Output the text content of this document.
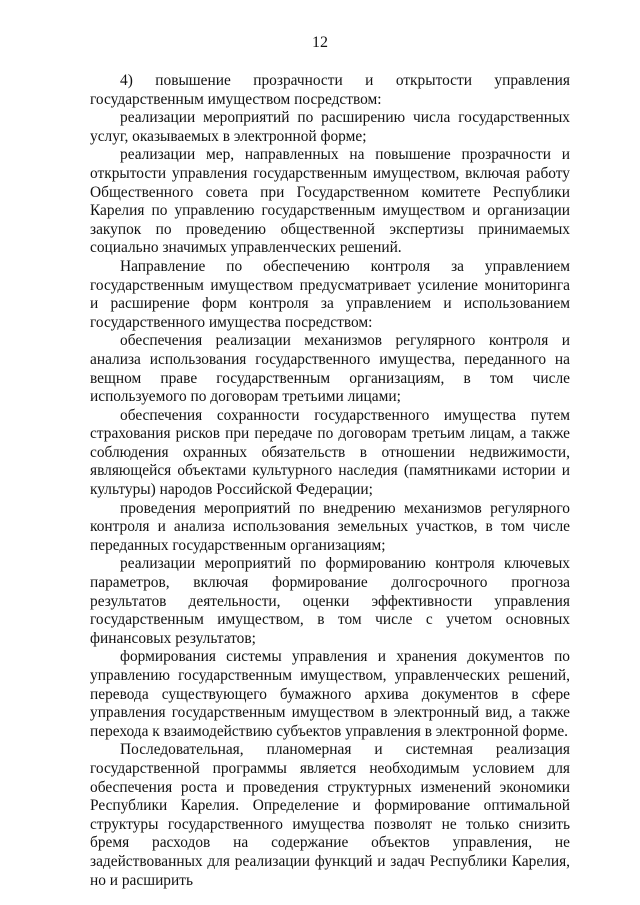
12

4) повышение прозрачности и открытости управления государственным имуществом посредством:

реализации мероприятий по расширению числа государственных услуг, оказываемых в электронной форме;

реализации мер, направленных на повышение прозрачности и открытости управления государственным имуществом, включая работу Общественного совета при Государственном комитете Республики Карелия по управлению государственным имуществом и организации закупок по проведению общественной экспертизы принимаемых социально значимых управленческих решений.

Направление по обеспечению контроля за управлением государственным имуществом предусматривает усиление мониторинга и расширение форм контроля за управлением и использованием государственного имущества посредством:

обеспечения реализации механизмов регулярного контроля и анализа использования государственного имущества, переданного на вещном праве государственным организациям, в том числе используемого по договорам третьими лицами;

обеспечения сохранности государственного имущества путем страхования рисков при передаче по договорам третьим лицам, а также соблюдения охранных обязательств в отношении недвижимости, являющейся объектами культурного наследия (памятниками истории и культуры) народов Российской Федерации;

проведения мероприятий по внедрению механизмов регулярного контроля и анализа использования земельных участков, в том числе переданных государственным организациям;

реализации мероприятий по формированию контроля ключевых параметров, включая формирование долгосрочного прогноза результатов деятельности, оценки эффективности управления государственным имуществом, в том числе с учетом основных финансовых результатов;

формирования системы управления и хранения документов по управлению государственным имуществом, управленческих решений, перевода существующего бумажного архива документов в сфере управления государственным имуществом в электронный вид, а также перехода к взаимодействию субъектов управления в электронной форме.

Последовательная, планомерная и системная реализация государственной программы является необходимым условием для обеспечения роста и проведения структурных изменений экономики Республики Карелия. Определение и формирование оптимальной структуры государственного имущества позволят не только снизить бремя расходов на содержание объектов управления, не задействованных для реализации функций и задач Республики Карелия, но и расширить
